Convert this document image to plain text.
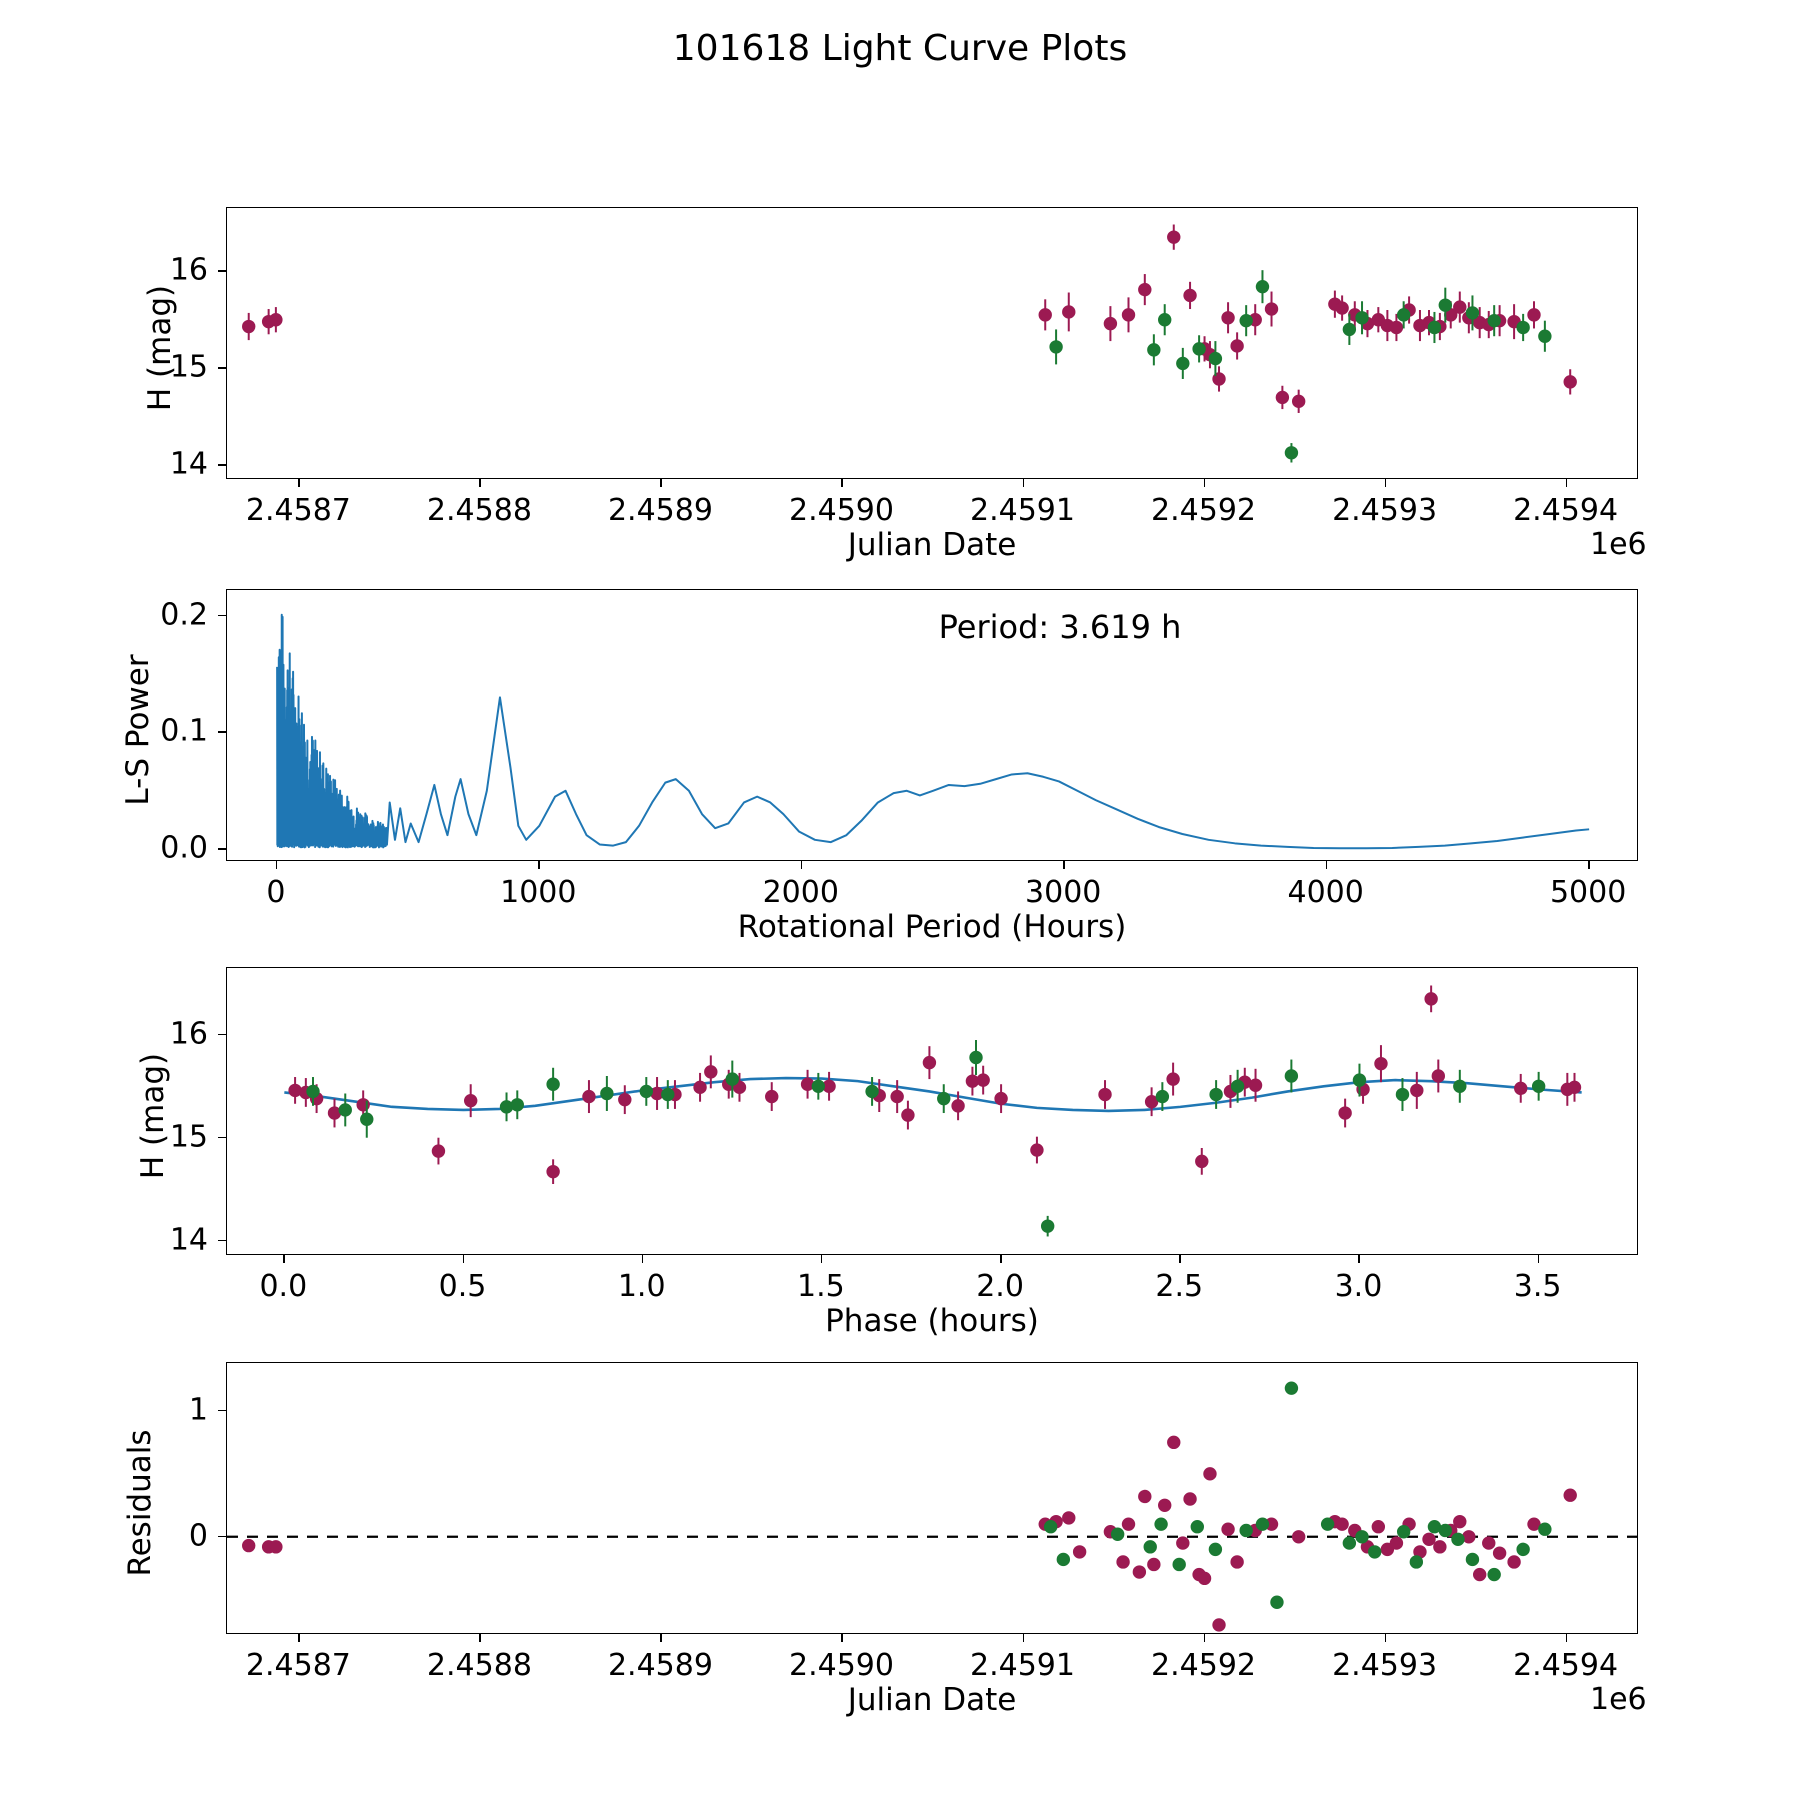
101618 Light Curve Plots
H (mag)
Julian Date	1e6
2.4587	2.4588	2.4589	2.4590	2.4591	2.4592	2.4593	2.4594
14
15
16
L-S Power
Rotational Period (Hours)
Period: 3.619 h
0	1000	2000	3000	4000	5000
0.0
0.1
0.2
H (mag)
Phase (hours)
0.0	0.5	1.0	1.5	2.0	2.5	3.0	3.5
14
15
16
Residuals
Julian Date	1e6
2.4587	2.4588	2.4589	2.4590	2.4591	2.4592	2.4593	2.4594
0
1
